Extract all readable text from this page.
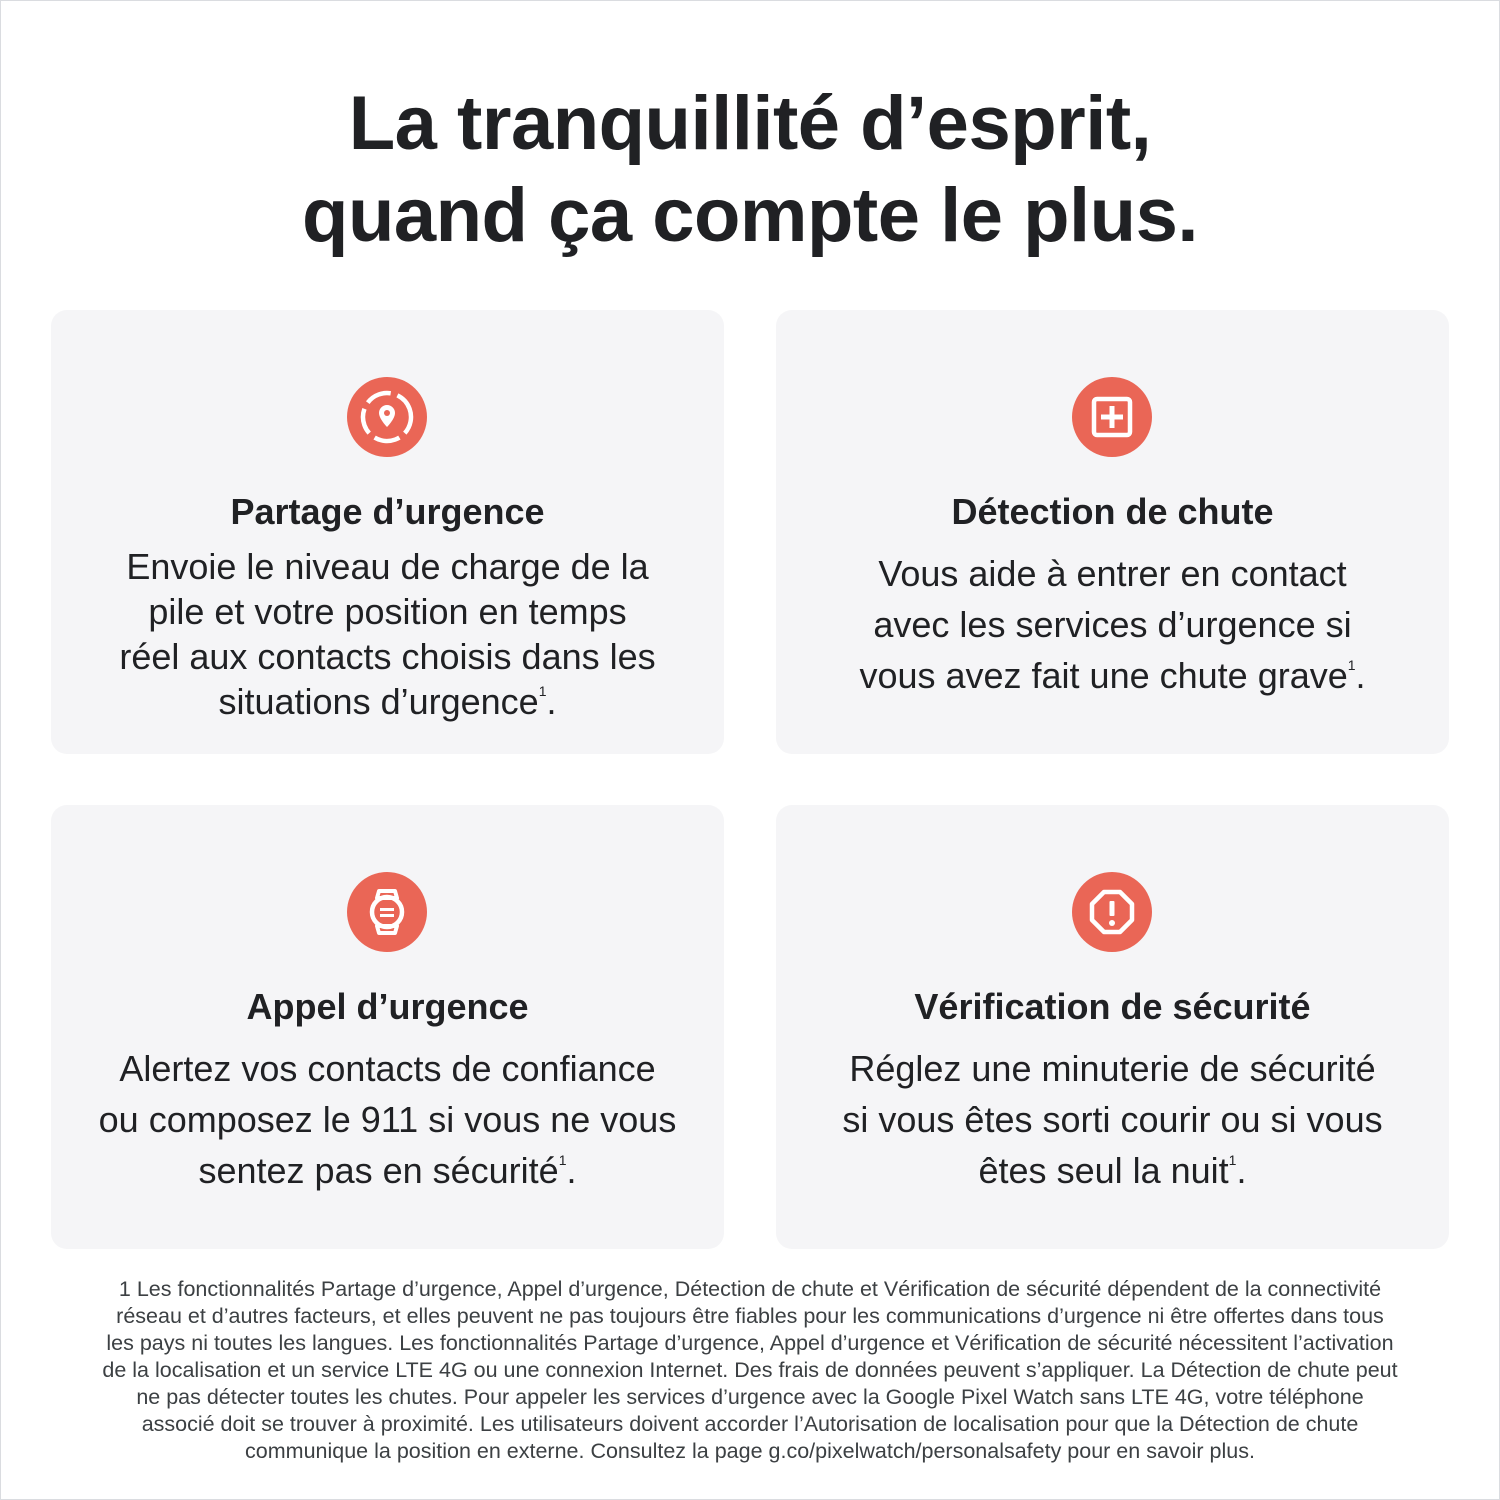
La tranquillité d’esprit,
quand ça compte le plus.
Partage d’urgence
Envoie le niveau de charge de la
pile et votre position en temps
réel aux contacts choisis dans les
situations d’urgence$^1$.
Détection de chute
Vous aide à entrer en contact
avec les services d’urgence si
vous avez fait une chute grave$^1$.
Appel d’urgence
Alertez vos contacts de confiance
ou composez le 911 si vous ne vous
sentez pas en sécurité$^1$.
Vérification de sécurité
Réglez une minuterie de sécurité
si vous êtes sorti courir ou si vous
êtes seul la nuit$^1$.
1 Les fonctionnalités Partage d’urgence, Appel d’urgence, Détection de chute et Vérification de sécurité dépendent de la connectivité
réseau et d’autres facteurs, et elles peuvent ne pas toujours être fiables pour les communications d’urgence ni être offertes dans tous
les pays ni toutes les langues. Les fonctionnalités Partage d’urgence, Appel d’urgence et Vérification de sécurité nécessitent l’activation
de la localisation et un service LTE 4G ou une connexion Internet. Des frais de données peuvent s’appliquer. La Détection de chute peut
ne pas détecter toutes les chutes. Pour appeler les services d’urgence avec la Google Pixel Watch sans LTE 4G, votre téléphone
associé doit se trouver à proximité. Les utilisateurs doivent accorder l’Autorisation de localisation pour que la Détection de chute
communique la position en externe. Consultez la page g.co/pixelwatch/personalsafety pour en savoir plus.
